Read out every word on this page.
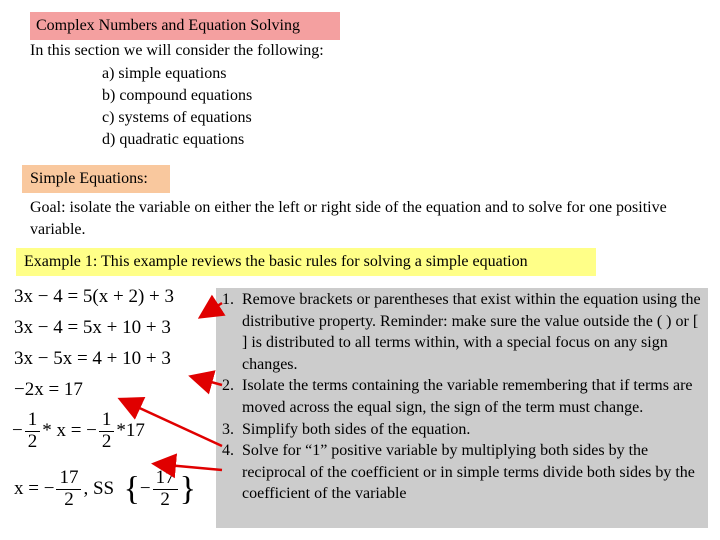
Complex Numbers and Equation Solving
In this section we will consider the following:
a) simple equations
b) compound equations
c) systems of equations
d) quadratic equations
Simple Equations:
Goal: isolate the variable on either the left or right side of the equation and to solve for one positive variable.
Example 1: This example reviews the basic rules for solving a simple equation
3x − 4 = 5(x + 2) + 3
3x − 4 = 5x + 10 + 3
3x − 5x = 4 + 10 + 3
−2x = 17
− $\frac{1}{2}$ * x = − $\frac{1}{2} *17$
x = − $\frac{17}{2}$ , SS {− $\frac{17}{2}$ }
1. Remove brackets or parentheses that exist within the equation using the distributive property. Reminder: make sure the value outside the ( ) or [ ] is distributed to all terms within, with a special focus on any sign changes.
2. Isolate the terms containing the variable remembering that if terms are moved across the equal sign, the sign of the term must change.
3. Simplify both sides of the equation.
4. Solve for “1” positive variable by multiplying both sides by the reciprocal of the coefficient or in simple terms divide both sides by the coefficient of the variable
